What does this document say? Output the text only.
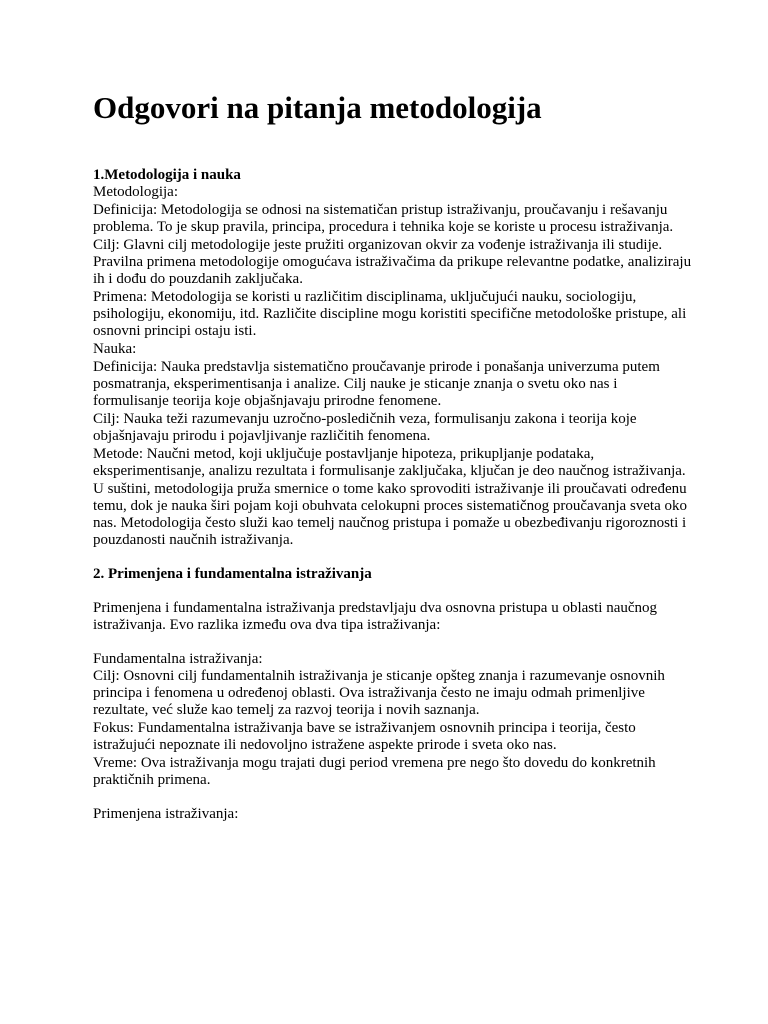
Odgovori na pitanja metodologija

1.Metodologija i nauka

Metodologija:

Definicija: Metodologija se odnosi na sistematičan pristup istraživanju, proučavanju i rešavanju problema. To je skup pravila, principa, procedura i tehnika koje se koriste u procesu istraživanja.

Cilj: Glavni cilj metodologije jeste pružiti organizovan okvir za vođenje istraživanja ili studije. Pravilna primena metodologije omogućava istraživačima da prikupe relevantne podatke, analiziraju ih i dođu do pouzdanih zaključaka.

Primena: Metodologija se koristi u različitim disciplinama, uključujući nauku, sociologiju, psihologiju, ekonomiju, itd. Različite discipline mogu koristiti specifične metodološke pristupe, ali osnovni principi ostaju isti.

Nauka:

Definicija: Nauka predstavlja sistematično proučavanje prirode i ponašanja univerzuma putem posmatranja, eksperimentisanja i analize. Cilj nauke je sticanje znanja o svetu oko nas i formulisanje teorija koje objašnjavaju prirodne fenomene.

Cilj: Nauka teži razumevanju uzročno-posledičnih veza, formulisanju zakona i teorija koje objašnjavaju prirodu i pojavljivanje različitih fenomena.

Metode: Naučni metod, koji uključuje postavljanje hipoteza, prikupljanje podataka, eksperimentisanje, analizu rezultata i formulisanje zaključaka, ključan je deo naučnog istraživanja.

U suštini, metodologija pruža smernice o tome kako sprovoditi istraživanje ili proučavati određenu temu, dok je nauka širi pojam koji obuhvata celokupni proces sistematičnog proučavanja sveta oko nas. Metodologija često služi kao temelj naučnog pristupa i pomaže u obezbeđivanju rigoroznosti i pouzdanosti naučnih istraživanja.

2. Primenjena i fundamentalna istraživanja

Primenjena i fundamentalna istraživanja predstavljaju dva osnovna pristupa u oblasti naučnog istraživanja. Evo razlika između ova dva tipa istraživanja:

Fundamentalna istraživanja:

Cilj: Osnovni cilj fundamentalnih istraživanja je sticanje opšteg znanja i razumevanje osnovnih principa i fenomena u određenoj oblasti. Ova istraživanja često ne imaju odmah primenljive rezultate, već služe kao temelj za razvoj teorija i novih saznanja.

Fokus: Fundamentalna istraživanja bave se istraživanjem osnovnih principa i teorija, često istražujući nepoznate ili nedovoljno istražene aspekte prirode i sveta oko nas.

Vreme: Ova istraživanja mogu trajati dugi period vremena pre nego što dovedu do konkretnih praktičnih primena.

Primenjena istraživanja:
